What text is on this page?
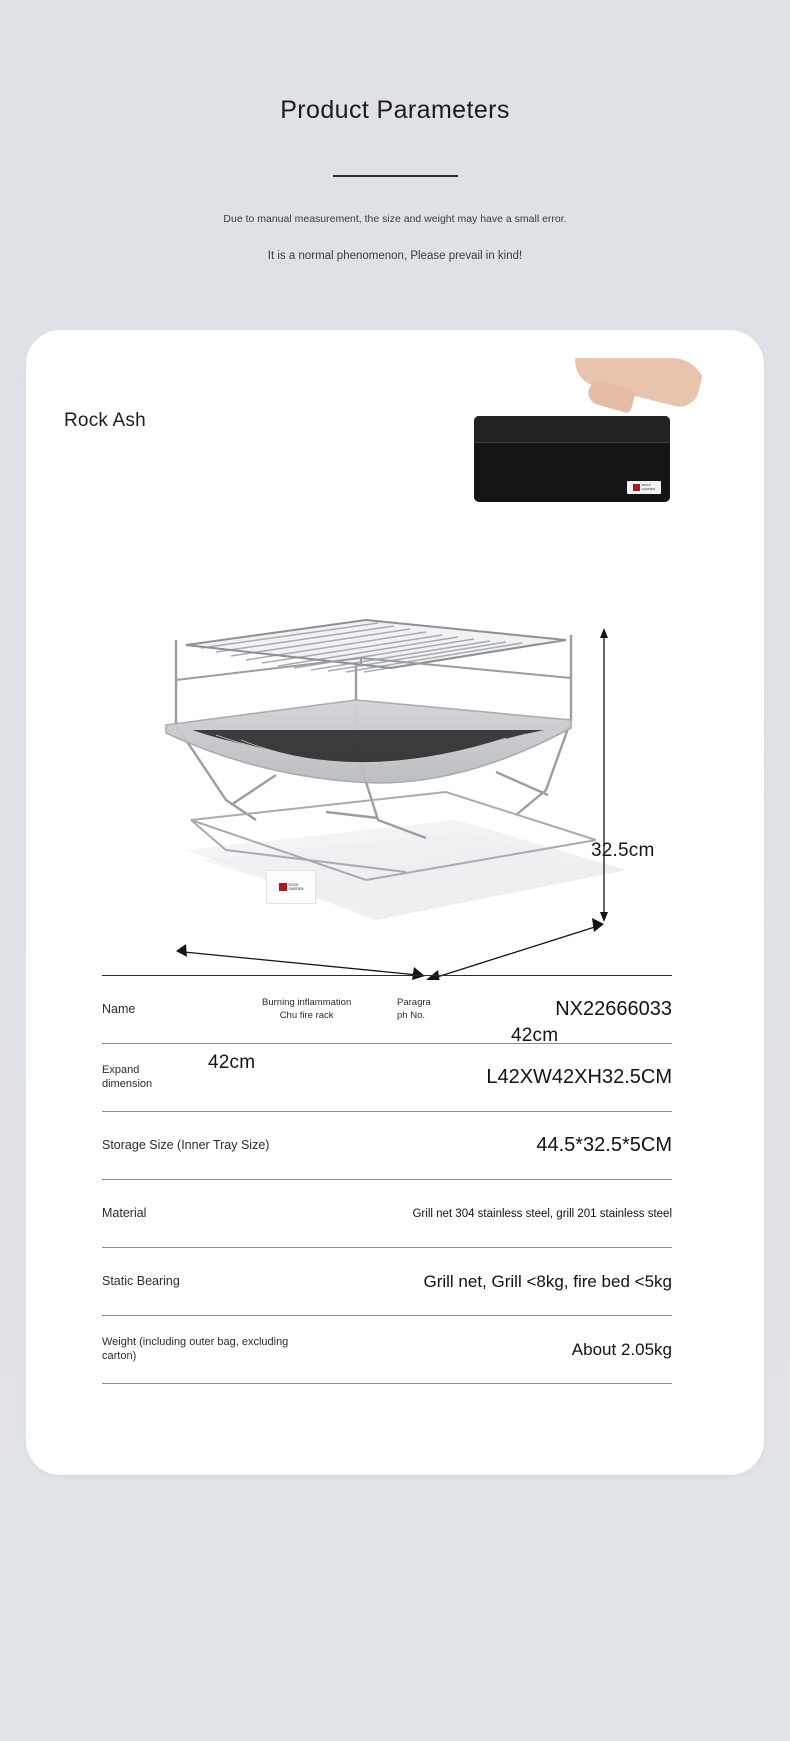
Product Parameters
Due to manual measurement, the size and weight may have a small error.
It is a normal phenomenon, Please prevail in kind!
Rock Ash
ROCK
GARDEN
ROCK
GARDEN
32.5cm
42cm
42cm
Name	Burning inflammation
Chu fire rack
Paragra
ph No.	NX22666033
Expand
dimension	L42XW42XH32.5CM
Storage Size (Inner Tray Size)	44.5*32.5*5CM
Material	Grill net 304 stainless steel, grill 201 stainless steel
Static Bearing	Grill net, Grill <8kg, fire bed <5kg
Weight (including outer bag, excluding
carton)	About 2.05kg
